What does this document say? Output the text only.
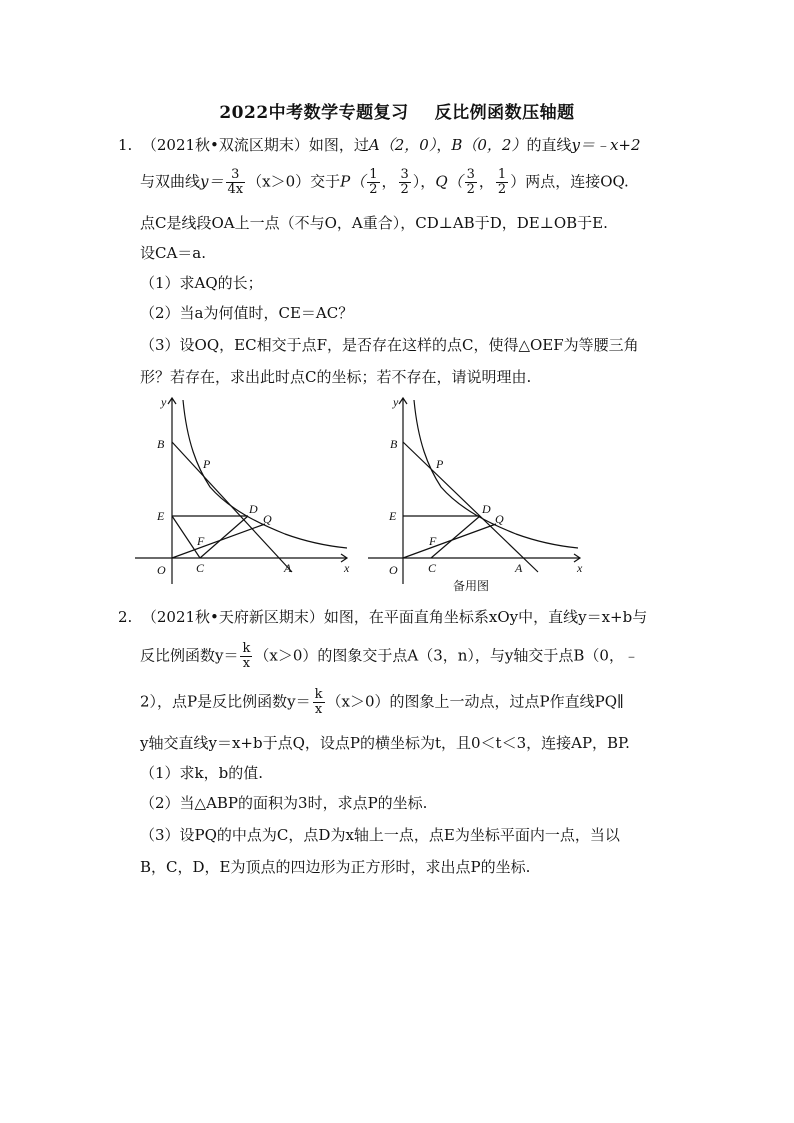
2022中考数学专题复习 反比例函数压轴题
1. （2021秋•双流区期末）如图，过A（2，0），B（0，2）的直线y＝﹣x+2
与双曲线$y= \frac{3}{4x} (x>0)$交于$P( \frac{1}{2}$ ， $\frac{3}{2}$ ），$Q( \frac{3}{2}$ ， $\frac{1}{2}$ ）两点，连接OQ.
点C是线段OA上一点（不与O，A重合），CD⊥AB于D，DE⊥OB于E.
设CA＝a.
（1）求AQ的长；
（2）当a为何值时，CE＝AC？
（3）设OQ，EC相交于点F，是否存在这样的点C，使得△OEF为等腰三角
形？若存在，求出此时点C的坐标；若不存在，请说明理由.
y
x
O
B
P
E	D
Q
F
C	A
y
x
O
B
P
E	D
Q
F
C	A
备用图
2. （2021秋•天府新区期末）如图，在平面直角坐标系xOy中，直线y＝x+b与
反比例函数$y= \frac{k}{x} (x>0)$的图象交于点A（3，n），与y轴交于点B（0，﹣
2），点P是反比例函数$y= \frac{k}{x} (x>0)$的图象上一动点，过点P作直线PQ∥
y轴交直线y＝x+b于点Q，设点P的横坐标为t，且0＜t＜3，连接AP，BP.
（1）求k，b的值.
（2）当△ABP的面积为3时，求点P的坐标.
（3）设PQ的中点为C，点D为x轴上一点，点E为坐标平面内一点，当以
B，C，D，E为顶点的四边形为正方形时，求出点P的坐标.
